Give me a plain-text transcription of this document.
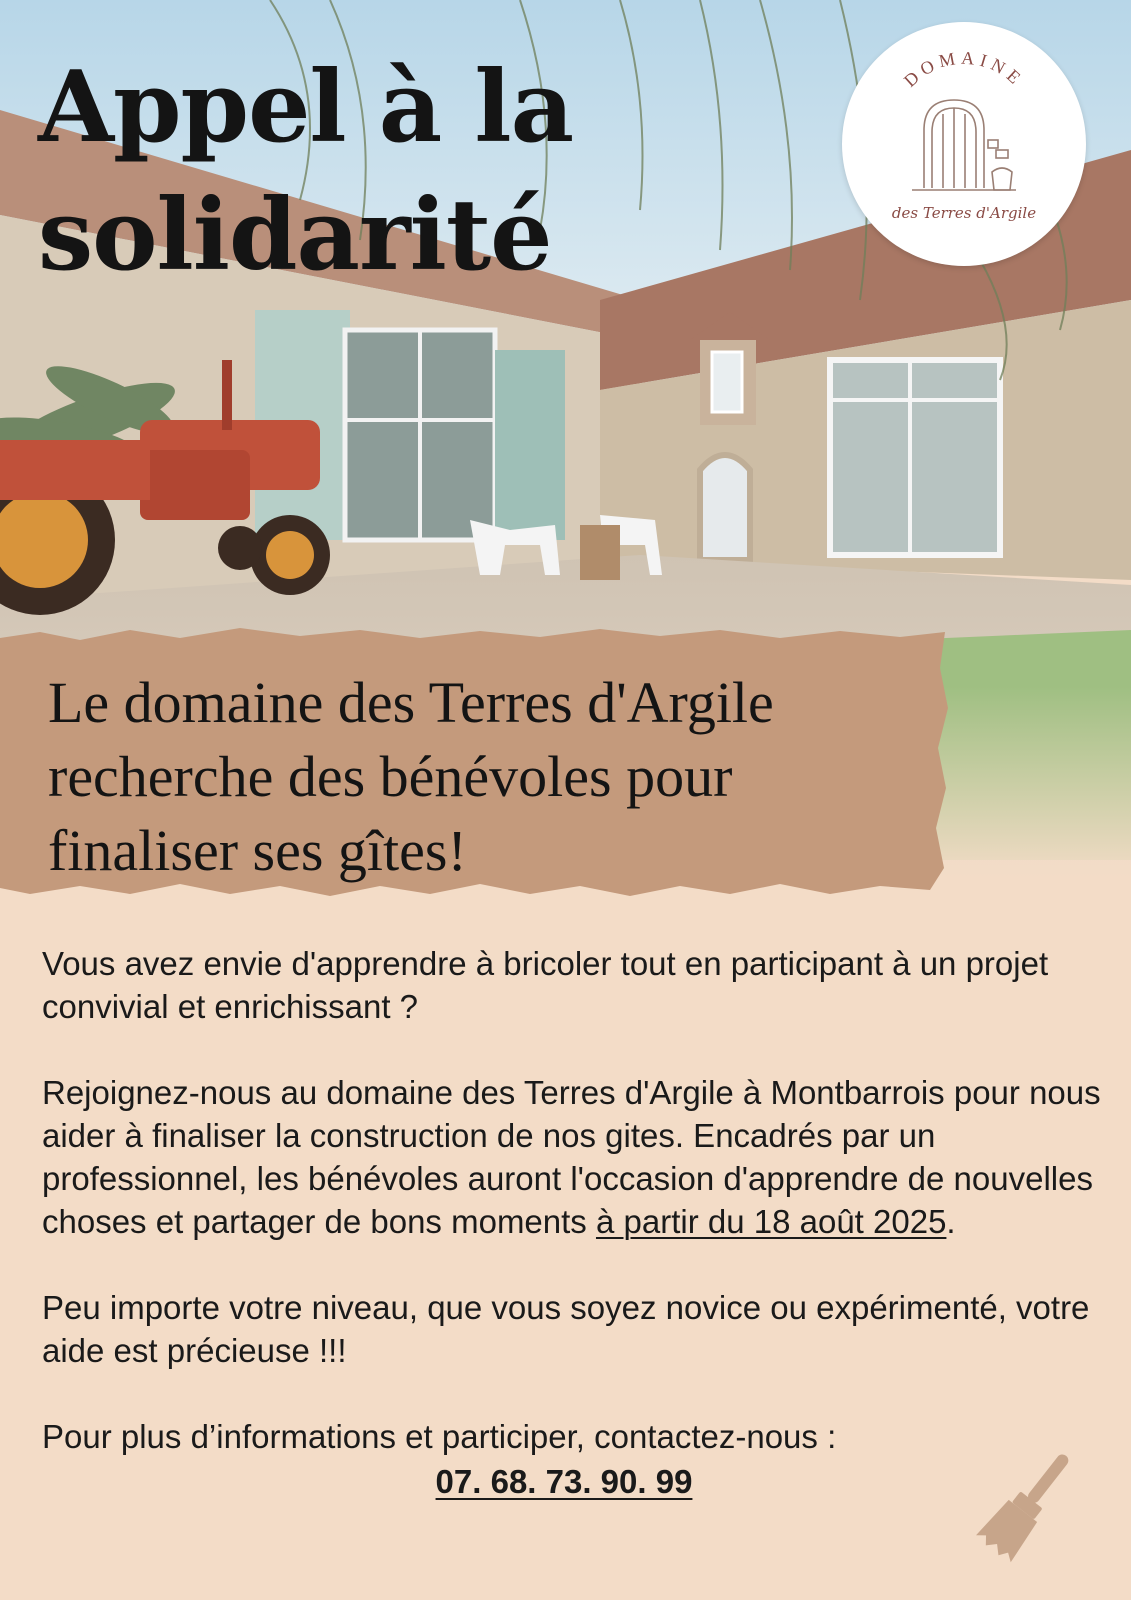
Appel à la
solidarité
DOMAINE
des Terres d'Argile

Le domaine des Terres d'Argile
recherche des bénévoles pour
finaliser ses gîtes!

Vous avez envie d'apprendre à bricoler tout en participant à un projet convivial et enrichissant ?

Rejoignez-nous au domaine des Terres d'Argile à Montbarrois pour nous aider à finaliser la construction de nos gites. Encadrés par un professionnel, les bénévoles auront l'occasion d'apprendre de nouvelles choses et partager de bons moments à partir du 18 août 2025.

Peu importe votre niveau, que vous soyez novice ou expérimenté, votre aide est précieuse !!!

Pour plus d’informations et participer, contactez-nous :
07. 68. 73. 90. 99
